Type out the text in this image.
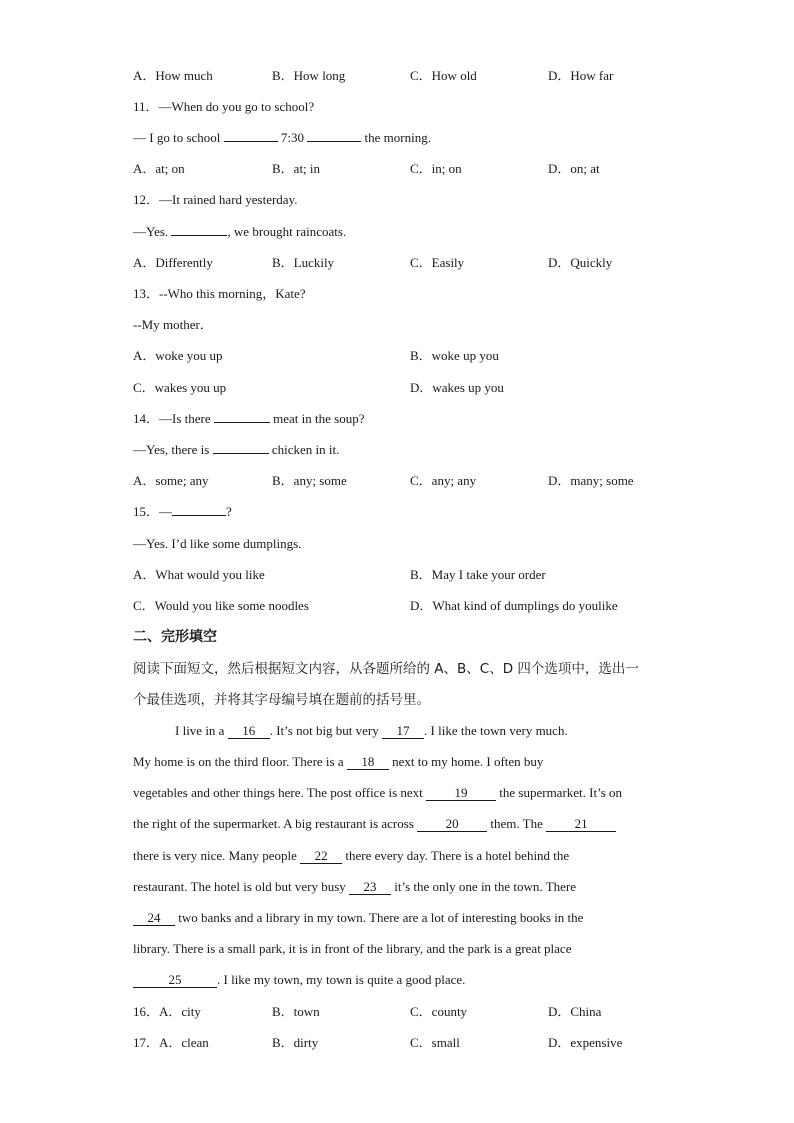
A．How much	B．How long	C．How old	D．How far
11．—When do you go to school?
— I go to school	7:30	the morning.
A．at; on	B．at; in	C．in; on	D．on; at
12．—It rained hard yesterday.
—Yes.	, we brought raincoats.
A．Differently	B．Luckily	C．Easily	D．Quickly
13．--Who this morning，Kate?
--My mother．
A．woke you up	B．woke up you
C．wakes you up	D．wakes up you
14．—Is there	meat in the soup?
—Yes, there is	chicken in it.
A．some; any	B．any; some	C．any; any	D．many; some
15．—	?
—Yes. I’d like some dumplings.
A．What would you like	B．May I take your order
C．Would you like some noodles	D．What kind of dumplings do youlike
二、完形填空
阅读下面短文，然后根据短文内容，从各题所给的 A、B、C、D 四个选项中，选出一
个最佳选项，并将其字母编号填在题前的括号里。
I live in a 16 . It’s not big but very 17 . I like the town very much.
My home is on the third floor. There is a 18 next to my home. I often buy
vegetables and other things here. The post office is next 19 the supermarket. It’s on
the right of the supermarket. A big restaurant is across 20 them. The 21
there is very nice. Many people 22 there every day. There is a hotel behind the
restaurant. The hotel is old but very busy 23 it’s the only one in the town. There
24 two banks and a library in my town. There are a lot of interesting books in the
library. There is a small park, it is in front of the library, and the park is a great place
25	. I like my town, my town is quite a good place.
16．A．city	B．town	C．county	D．China
17．A．clean	B．dirty	C．small	D．expensive
